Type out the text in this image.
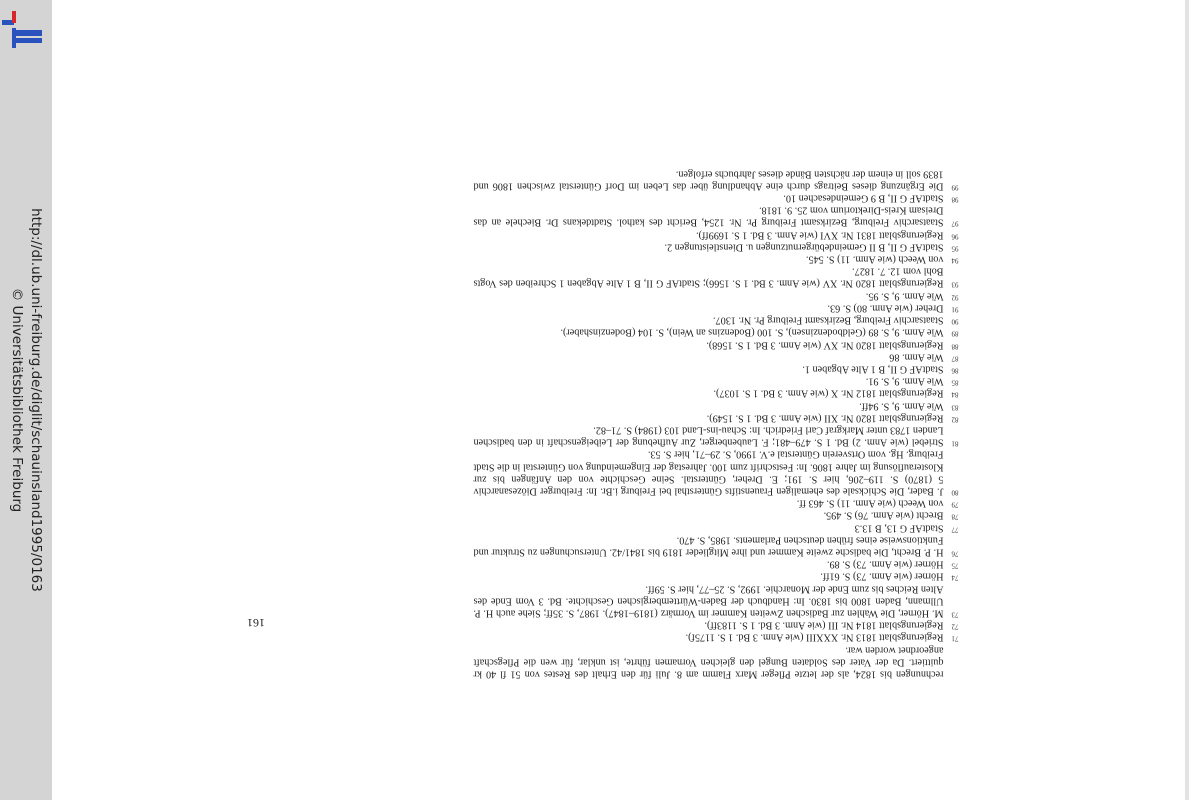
http://dl.ub.uni-freiburg.de/diglit/schauinsland1995/0163
© Universitätsbibliothek Freiburg
rechnungen bis 1824, als der letzte Pfleger Marx Flamm am 8. Juli für den Erhalt des Restes von 51 fl 40 kr quittiert. Da der Vater des Soldaten Bungel den gleichen Vornamen führte, ist unklar, für wen die Pflegschaft angeordnet worden war.
71
Regierungsblatt 1813 Nr. XXXIII (wie Anm. 3 Bd. 1 S. 1175f).
72
Regierungsblatt 1814 Nr. III (wie Anm. 3 Bd. 1 S. 1183ff).
73
M. Hörner, Die Wahlen zur Badischen Zweiten Kammer im Vormärz (1819–1847). 1987, S. 35ff; Siehe auch H. P. Ullmann, Baden 1800 bis 1830. In: Handbuch der Baden-Württembergischen Geschichte. Bd. 3 Vom Ende des Alten Reiches bis zum Ende der Monarchie. 1992, S. 25–77, hier S. 59ff.
74
Hörner (wie Anm. 73) S. 61ff.
75
Hörner (wie Anm. 73) S. 89.
76
H. P. Brecht, Die badische zweite Kammer und ihre Mitglieder 1819 bis 1841/42. Untersuchungen zu Struktur und Funktionsweise eines frühen deutschen Parlaments. 1985, S. 470.
77
StadtAF G 13, B 13.3
78
Brecht (wie Anm. 76) S. 495.
79
von Weech (wie Anm. 11) S. 463 ff.
80
J. Bader, Die Schicksale des ehemaligen Frauenstifts Güntersthal bei Freiburg i.Br. In: Freiburger Diözesanarchiv 5 (1870) S. 119–206, hier S. 191; E. Dreher, Günterstal. Seine Geschichte von den Anfängen bis zur Klosterauflösung im Jahre 1806. In: Festschrift zum 100. Jahrestag der Eingemeindung von Günterstal in die Stadt Freiburg. Hg. vom Ortsverein Günterstal e.V. 1990, S. 29–71, hier S. 53.
81
Striebel (wie Anm. 2) Bd. 1 S. 479–481; F. Laubenberger, Zur Aufhebung der Leibeigenschaft in den badischen Landen 1783 unter Markgraf Carl Friedrich. In: Schau-ins-Land 103 (1984) S. 71–82.
82
Regierungsblatt 1820 Nr. XII (wie Anm. 3 Bd. 1 S. 1549).
83
Wie Anm. 9, S. 94ff.
84
Regierungsblatt 1812 Nr. X (wie Anm. 3 Bd. 1 S. 1037).
85
Wie Anm. 9, S. 91.
86
StadtAF G II, B 1 Alte Abgaben 1.
87
Wie Anm. 86
88
Regierungsblatt 1820 Nr. XV (wie Anm. 3 Bd. 1 S. 1568).
89
Wie Anm. 9, S. 89 (Geldbodenzinsen), S. 100 (Bodenzins an Wein), S. 104 (Bodenzinshaber).
90
Staatsarchiv Freiburg, Bezirksamt Freiburg Pr. Nr. 1307.
91
Dreher (wie Anm. 80) S. 63.
92
Wie Anm. 9, S. 95.
93
Regierungsblatt 1820 Nr. XV (wie Anm. 3 Bd. 1 S. 1566); StadtAF G II, B 1 Alte Abgaben 1 Schreiben des Vogts Bohl vom 12. 7. 1827.
94
von Weech (wie Anm. 11) S. 545.
95
StadtAF G II, B II Gemeindebürgernutzungen u. Dienstleistungen 2.
96
Regierungsblatt 1831 Nr. XVI (wie Anm. 3 Bd. 1 S. 1699ff).
97
Staatsarchiv Freiburg, Bezirksamt Freiburg Pr. Nr. 1254, Bericht des kathol. Stadtdekans Dr. Biechele an das Dreisam Kreis-Direktorium vom 25. 9. 1818.
98
StadtAF G II, B 9 Gemeindesachen 10.
99
Die Ergänzung dieses Beitrags durch eine Abhandlung über das Leben im Dorf Günterstal zwischen 1806 und 1839 soll in einem der nächsten Bände dieses Jahrbuchs erfolgen.
161
